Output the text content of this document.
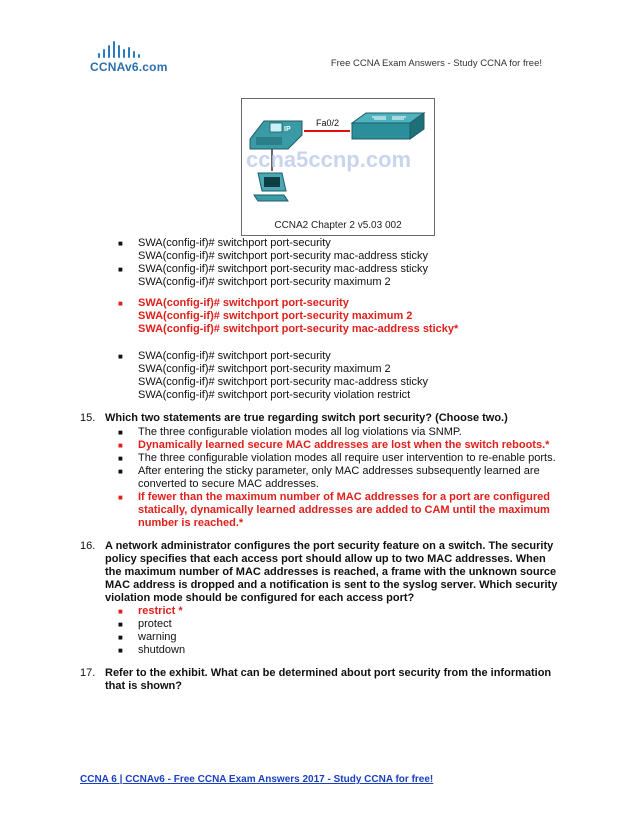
CCNAv6.com	Free CCNA Exam Answers - Study CCNA for free!
IP
Fa0/2
ccna5ccnp.com
CCNA2 Chapter 2 v5.03 002
■ SWA(config-if)# switchport port-security
SWA(config-if)# switchport port-security mac-address sticky
■ SWA(config-if)# switchport port-security mac-address sticky
SWA(config-if)# switchport port-security maximum 2
■ SWA(config-if)# switchport port-security
SWA(config-if)# switchport port-security maximum 2
SWA(config-if)# switchport port-security mac-address sticky*
■ SWA(config-if)# switchport port-security
SWA(config-if)# switchport port-security maximum 2
SWA(config-if)# switchport port-security mac-address sticky
SWA(config-if)# switchport port-security violation restrict
15. Which two statements are true regarding switch port security? (Choose two.)
■ The three configurable violation modes all log violations via SNMP.
■ Dynamically learned secure MAC addresses are lost when the switch reboots.*
■ The three configurable violation modes all require user intervention to re-enable ports.
■ After entering the sticky parameter, only MAC addresses subsequently learned are
converted to secure MAC addresses.
■ If fewer than the maximum number of MAC addresses for a port are configured
statically, dynamically learned addresses are added to CAM until the maximum
number is reached.*
16. A network administrator configures the port security feature on a switch. The security
policy specifies that each access port should allow up to two MAC addresses. When
the maximum number of MAC addresses is reached, a frame with the unknown source
MAC address is dropped and a notification is sent to the syslog server. Which security
violation mode should be configured for each access port?
■ restrict *
■ protect
■ warning
■ shutdown
17. Refer to the exhibit. What can be determined about port security from the information
that is shown?
CCNA 6 | CCNAv6 - Free CCNA Exam Answers 2017 - Study CCNA for free!
